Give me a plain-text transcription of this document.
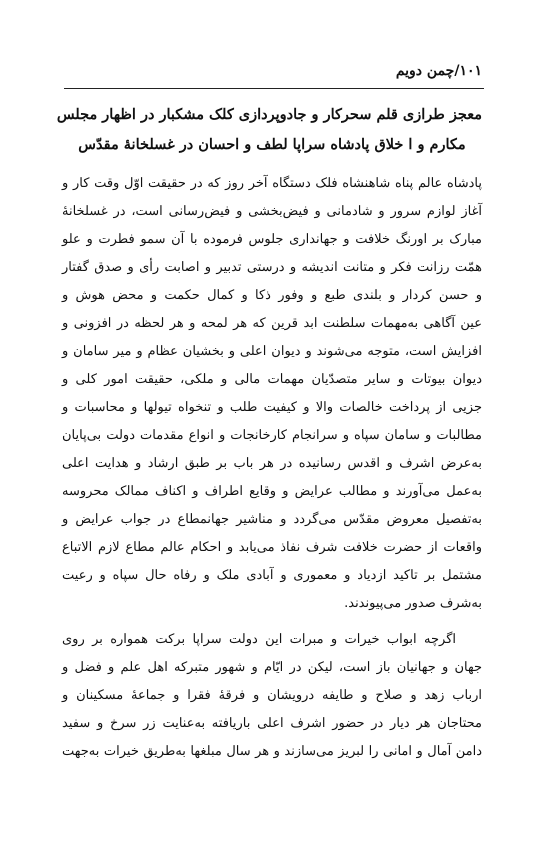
۱۰۱/چمن دویم
معجز طرازی قلم سحرکار و جادوپردازی کلک مشکبار در اظهار مجلس
مکارم و ا خلاق پادشاه سراپا لطف و احسان در غسلخانهٔ مقدّس
پادشاه عالم پناه شاهنشاه فلک دستگاه آخر روز که در حقیقت اوّل وقت کار و
آغاز لوازم سرور و شادمانی و فیض‌بخشی و فیض‌رسانی است، در غسلخانهٔ
مبارک بر اورنگ خلافت و جهانداری جلوس فرموده با آن سمو فطرت و علو
همّت رزانت فکر و متانت اندیشه و درستی تدبیر و اصابت رأی و صدق گفتار
و حسن کردار و بلندی طبع و وفور ذکا و کمال حکمت و محض هوش و
عین آگاهی به‌مهمات سلطنت ابد قرین که هر لمحه و هر لحظه در افزونی و
افزایش است، متوجه می‌شوند و دیوان اعلی و بخشیان عظام و میر سامان و
دیوان بیوتات و سایر متصدّیان مهمات مالی و ملکی، حقیقت امور کلی و
جزیی از پرداخت خالصات والا و کیفیت طلب و تنخواه تیولها و محاسبات و
مطالبات و سامان سپاه و سرانجام کارخانجات و انواع مقدمات دولت بی‌پایان
به‌عرض اشرف و اقدس رسانیده در هر باب بر طبق ارشاد و هدایت اعلی
به‌عمل می‌آورند و مطالب عرایض و وقایع اطراف و اکناف ممالک محروسه
به‌تفصیل معروض مقدّس می‌گردد و مناشیر جهانمطاع در جواب عرایض و
واقعات از حضرت خلافت شرف نفاذ می‌یابد و احکام عالم مطاع لازم الاتباع
مشتمل بر تاکید ازدیاد و معموری و آبادی ملک و رفاه حال سپاه و رعیت
به‌شرف صدور می‌پیوندند.
اگرچه ابواب خیرات و مبرات این دولت سراپا برکت همواره بر روی
جهان و جهانیان باز است، لیکن در ایّام و شهور متبرکه اهل علم و فضل و
ارباب زهد و صلاح و طایفه درویشان و فرقهٔ فقرا و جماعهٔ مسکینان و
محتاجان هر دیار در حضور اشرف اعلی باریافته به‌عنایت زر سرخ و سفید
دامن آمال و امانی را لبریز می‌سازند و هر سال مبلغها به‌طریق خیرات به‌جهت
